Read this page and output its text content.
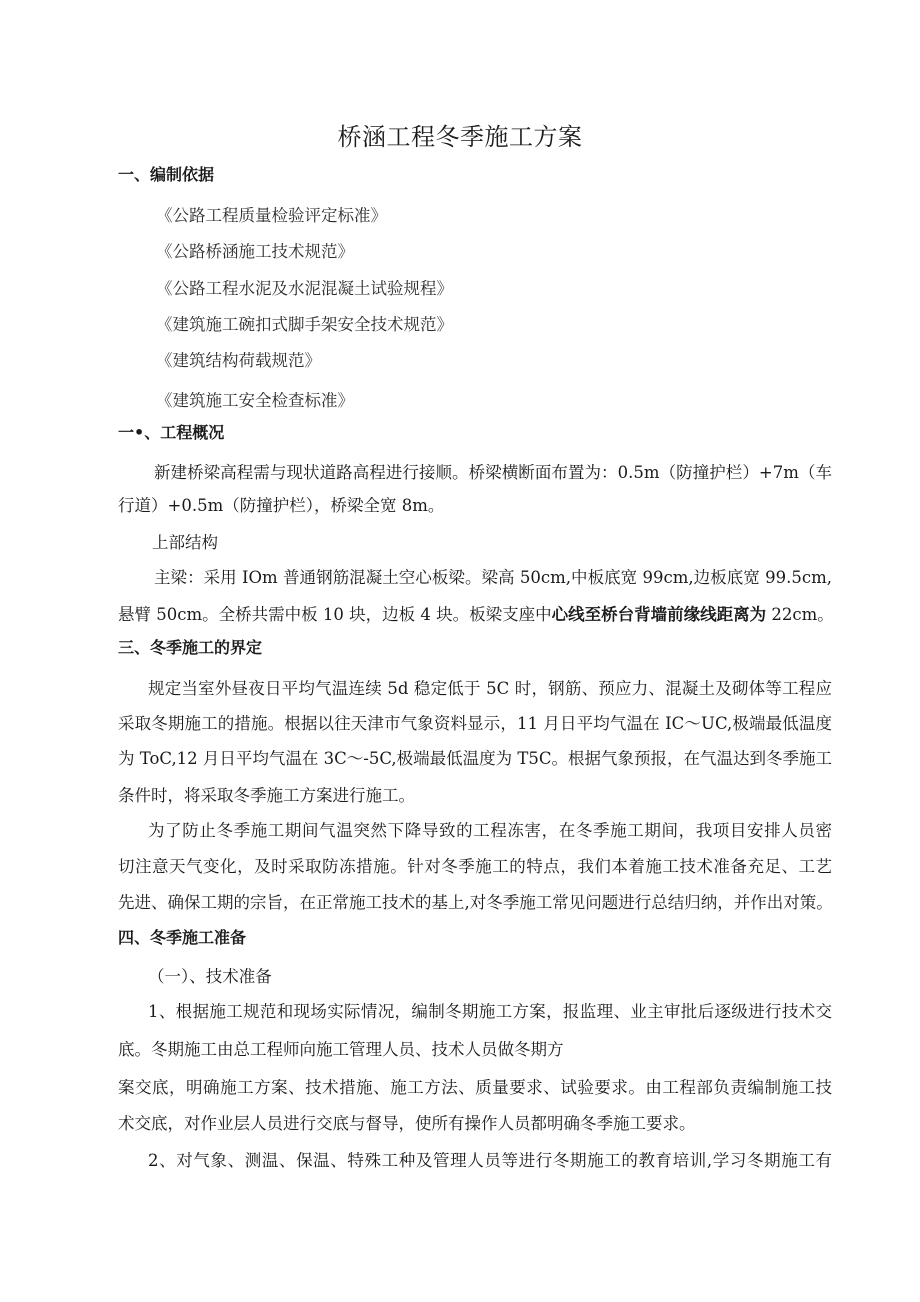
桥涵工程冬季施工方案
一、编制依据
《公路工程质量检验评定标准》
《公路桥涵施工技术规范》
《公路工程水泥及水泥混凝土试验规程》
《建筑施工碗扣式脚手架安全技术规范》
《建筑结构荷载规范》
《建筑施工安全检查标准》
一•、工程概况
新建桥梁高程需与现状道路高程进行接顺。桥梁横断面布置为：0.5m（防撞护栏）+7m（车
行道）+0.5m（防撞护栏），桥梁全宽 8m。
上部结构
主梁：采用 IOm 普通钢筋混凝土空心板梁。梁高 50cm,中板底宽 99cm,边板底宽 99.5cm,
悬臂 50cm。全桥共需中板 10 块，边板 4 块。板梁支座中心线至桥台背墙前缘线距离为 22cm。
三、冬季施工的界定
规定当室外昼夜日平均气温连续 5d 稳定低于 5C 时，钢筋、预应力、混凝土及砌体等工程应
采取冬期施工的措施。根据以往天津市气象资料显示，11 月日平均气温在 IC～UC,极端最低温度
为 ToC,12 月日平均气温在 3C～-5C,极端最低温度为 T5C。根据气象预报，在气温达到冬季施工
条件时，将采取冬季施工方案进行施工。
为了防止冬季施工期间气温突然下降导致的工程冻害，在冬季施工期间，我项目安排人员密
切注意天气变化，及时采取防冻措施。针对冬季施工的特点，我们本着施工技术准备充足、工艺
先进、确保工期的宗旨，在正常施工技术的基上,对冬季施工常见问题进行总结归纳，并作出对策。
四、冬季施工准备
（一）、技术准备
1、根据施工规范和现场实际情况，编制冬期施工方案，报监理、业主审批后逐级进行技术交
底。冬期施工由总工程师向施工管理人员、技术人员做冬期方
案交底，明确施工方案、技术措施、施工方法、质量要求、试验要求。由工程部负责编制施工技
术交底，对作业层人员进行交底与督导，使所有操作人员都明确冬季施工要求。
2、对气象、测温、保温、特殊工种及管理人员等进行冬期施工的教育培训,学习冬期施工有
